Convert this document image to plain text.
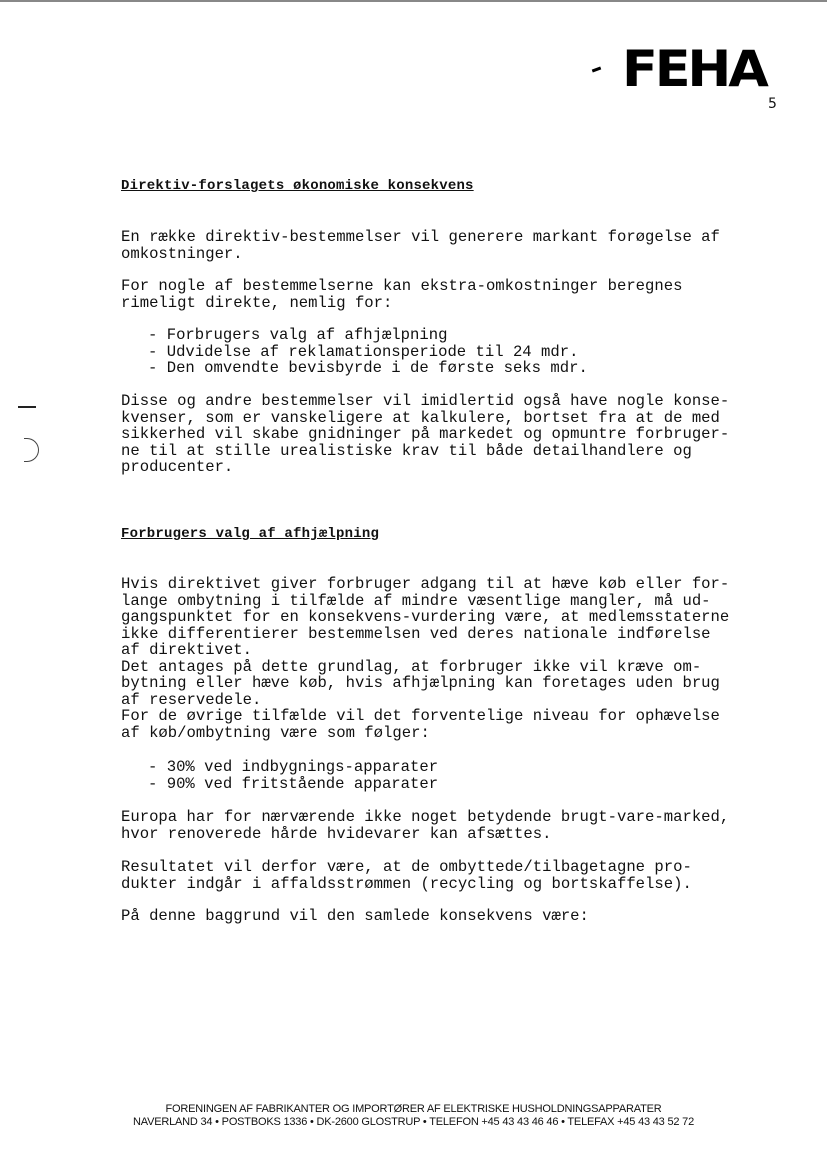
FEHA
5
Direktiv-forslagets økonomiske konsekvens

En række direktiv-bestemmelser vil generere markant forøgelse af
omkostninger.

For nogle af bestemmelserne kan ekstra-omkostninger beregnes
rimeligt direkte, nemlig for:

- Forbrugers valg af afhjælpning
- Udvidelse af reklamationsperiode til 24 mdr.
- Den omvendte bevisbyrde i de første seks mdr.

Disse og andre bestemmelser vil imidlertid også have nogle konse-
kvenser, som er vanskeligere at kalkulere, bortset fra at de med
sikkerhed vil skabe gnidninger på markedet og opmuntre forbruger-
ne til at stille urealistiske krav til både detailhandlere og
producenter.

Forbrugers valg af afhjælpning

Hvis direktivet giver forbruger adgang til at hæve køb eller for-
lange ombytning i tilfælde af mindre væsentlige mangler, må ud-
gangspunktet for en konsekvens-vurdering være, at medlemsstaterne
ikke differentierer bestemmelsen ved deres nationale indførelse
af direktivet.
Det antages på dette grundlag, at forbruger ikke vil kræve om-
bytning eller hæve køb, hvis afhjælpning kan foretages uden brug
af reservedele.
For de øvrige tilfælde vil det forventelige niveau for ophævelse
af køb/ombytning være som følger:

- 30% ved indbygnings-apparater
- 90% ved fritstående apparater

Europa har for nærværende ikke noget betydende brugt-vare-marked,
hvor renoverede hårde hvidevarer kan afsættes.

Resultatet vil derfor være, at de ombyttede/tilbagetagne pro-
dukter indgår i affaldsstrømmen (recycling og bortskaffelse).

På denne baggrund vil den samlede konsekvens være:

FORENINGEN AF FABRIKANTER OG IMPORTØRER AF ELEKTRISKE HUSHOLDNINGSAPPARATER
NAVERLAND 34 • POSTBOKS 1336 • DK-2600 GLOSTRUP • TELEFON +45 43 43 46 46 • TELEFAX +45 43 43 52 72
